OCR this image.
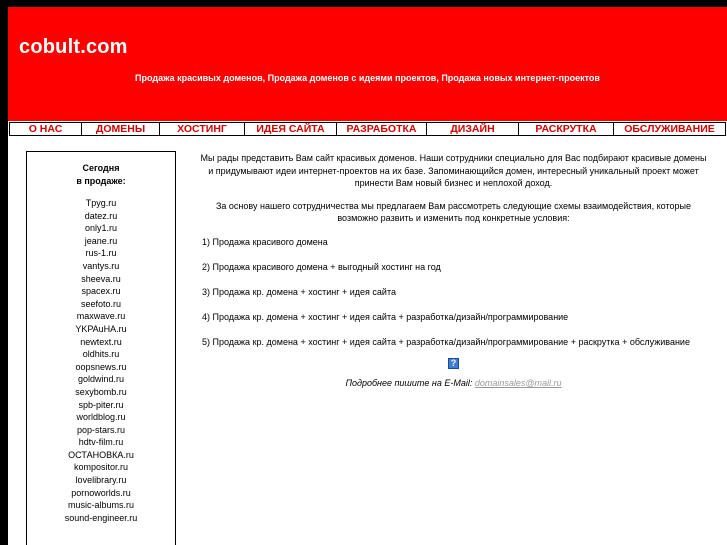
cobult.com
Продажа красивых доменов, Продажа доменов с идеями проектов, Продажа новых интернет-проектов
О НАС	ДОМЕНЫ	ХОСТИНГ	ИДЕЯ САЙТА	РАЗРАБОТКА	ДИЗАЙН	РАСКРУТКА	ОБСЛУЖИВАНИЕ
Сегодня
в продаже:
Tpyg.ru
datez.ru
only1.ru
jeane.ru
rus-1.ru
vantys.ru
sheeva.ru
spacex.ru
seefoto.ru
maxwave.ru
YKPAuHA.ru
newtext.ru
oldhits.ru
oopsnews.ru
goldwind.ru
sexybomb.ru
spb-piter.ru
worldblog.ru
pop-stars.ru
hdtv-film.ru
ОСТАНОВКА.ru
kompositor.ru
lovelibrary.ru
pornoworlds.ru
music-albums.ru
sound-engineer.ru

Мы рады представить Вам сайт красивых доменов. Наши сотрудники специально для Вас подбирают красивые домены и придумывают идеи интернет-проектов на их базе. Запоминающийся домен, интересный уникальный проект может принести Вам новый бизнес и неплохой доход.

За основу нашего сотрудничества мы предлагаем Вам рассмотреть следующие схемы взаимодействия, которые возможно развить и изменить под конкретные условия:

1) Продажа красивого домена
2) Продажа красивого домена + выгодный хостинг на год
3) Продажа кр. домена + хостинг + идея сайта
4) Продажа кр. домена + хостинг + идея сайта + разработка/дизайн/программирование
5) Продажа кр. домена + хостинг + идея сайта + разработка/дизайн/программирование + раскрутка + обслуживание
?
Подробнее пишите на E-Mail: domainsales@mail.ru
